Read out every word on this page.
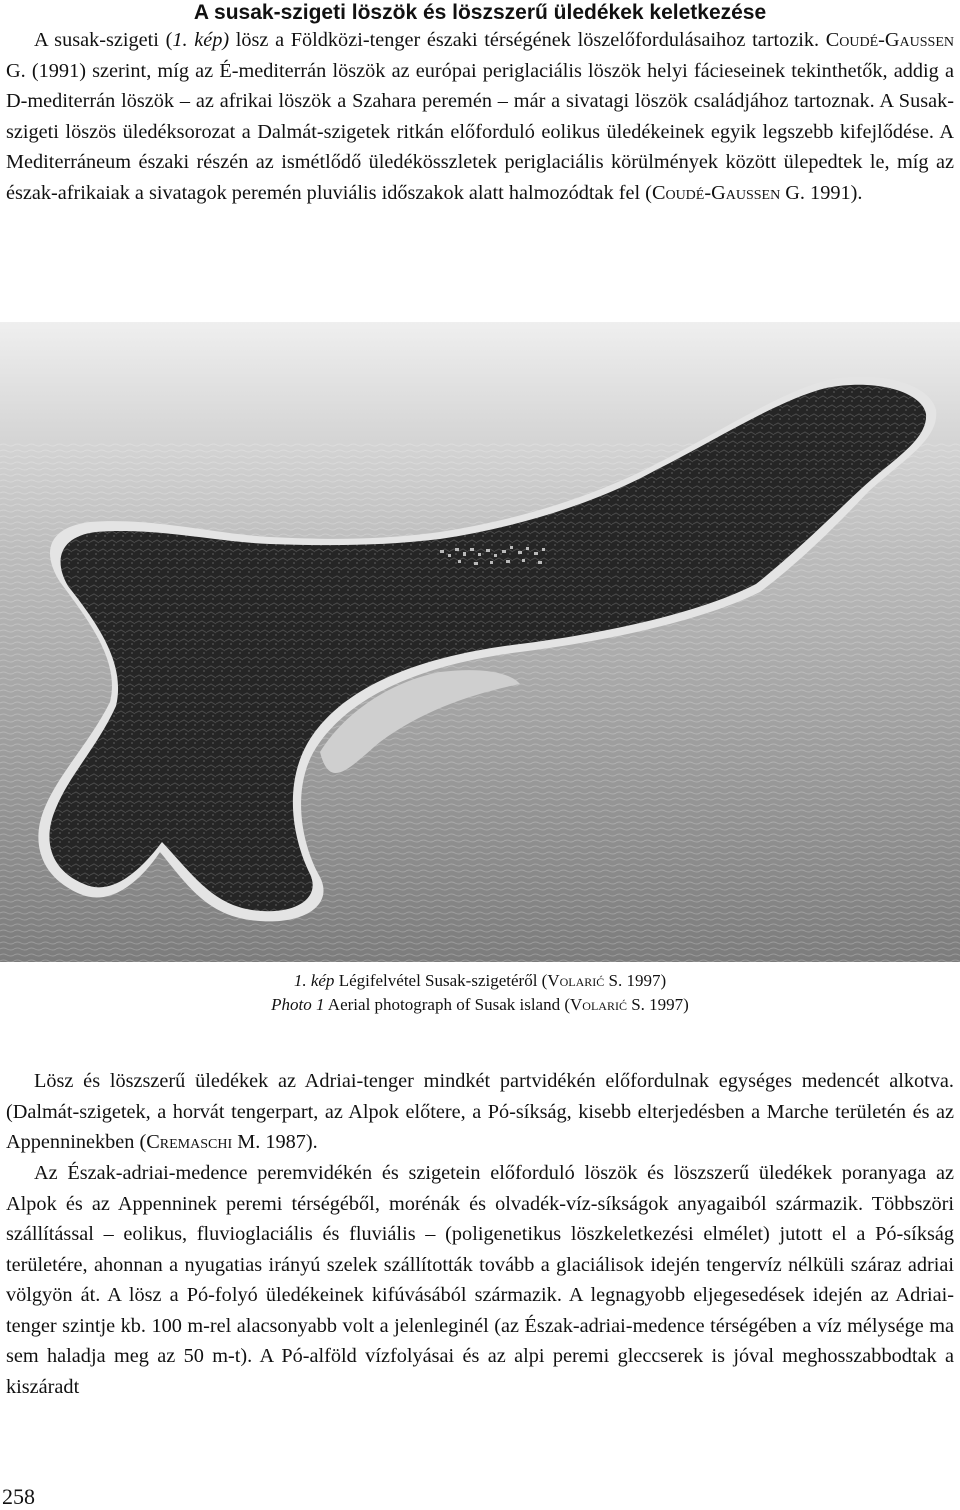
A susak-szigeti löszök és löszszerű üledékek keletkezése
A susak-szigeti (1. kép) lösz a Földközi-tenger északi térségének löszelőfordulásaihoz tartozik. Coudé-Gaussen G. (1991) szerint, míg az É-mediterrán löszök az európai periglaciális löszök helyi fácieseinek tekinthetők, addig a D-mediterrán löszök – az afrikai löszök a Szahara peremén – már a sivatagi löszök családjához tartoznak. A Susak-szigeti löszös üledéksorozat a Dalmát-szigetek ritkán előforduló eolikus üledékeinek egyik legszebb kifejlődése. A Mediterráneum északi részén az ismétlődő üledékösszletek periglaciális körülmények között ülepedtek le, míg az észak-afrikaiak a sivatagok peremén pluviális időszakok alatt halmozódtak fel (Coudé-Gaussen G. 1991).
1. kép Légifelvétel Susak-szigetéről (Volarić S. 1997)
Photo 1 Aerial photograph of Susak island (Volarić S. 1997)
Lösz és löszszerű üledékek az Adriai-tenger mindkét partvidékén előfordulnak egységes medencét alkotva. (Dalmát-szigetek, a horvát tengerpart, az Alpok előtere, a Pó-síkság, kisebb elterjedésben a Marche területén és az Appenninekben (Cremaschi M. 1987).
Az Észak-adriai-medence peremvidékén és szigetein előforduló löszök és löszszerű üledékek poranyaga az Alpok és az Appenninek peremi térségéből, morénák és olvadék-víz-síkságok anyagaiból származik. Többszöri szállítással – eolikus, fluvioglaciális és fluviális – (poligenetikus löszkeletkezési elmélet) jutott el a Pó-síkság területére, ahonnan a nyugatias irányú szelek szállították tovább a glaciálisok idején tengervíz nélküli száraz adriai völgyön át. A lösz a Pó-folyó üledékeinek kifúvásából származik. A legnagyobb eljegesedések idején az Adriai-tenger szintje kb. 100 m-rel alacsonyabb volt a jelenleginél (az Észak-adriai-medence térségében a víz mélysége ma sem haladja meg az 50 m-t). A Pó-alföld vízfolyásai és az alpi peremi gleccserek is jóval meghosszabbodtak a kiszáradt
258
